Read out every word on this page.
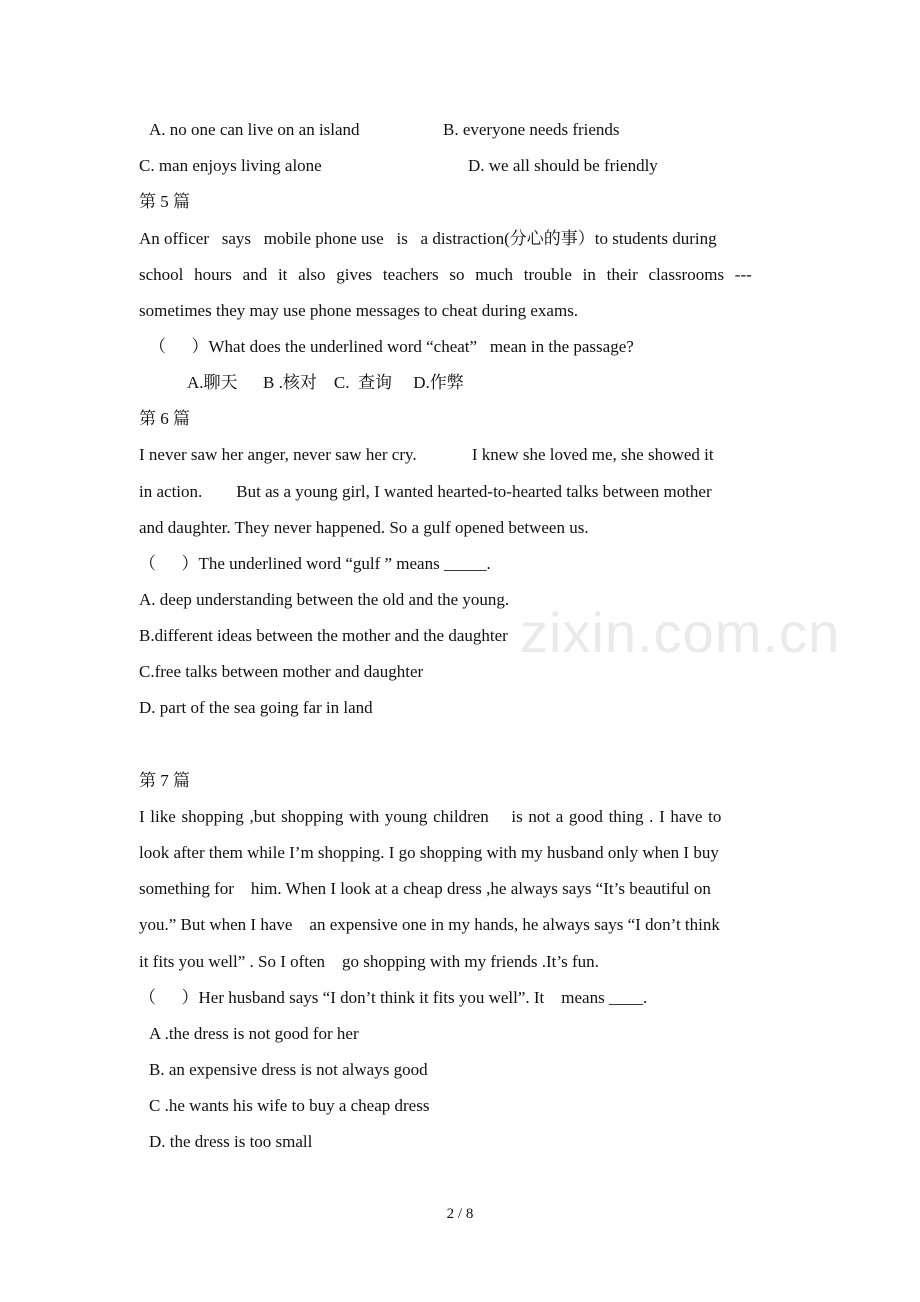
A. no one can live on an island	B. everyone needs friends
C. man enjoys living alone	D. we all should be friendly
第 5 篇
An officer   says   mobile phone use   is   a distraction(分心的事）to students during
school hours and it also gives teachers so much trouble in their classrooms ---
sometimes they may use phone messages to cheat during exams.
（      ）What does the underlined word “cheat”   mean in the passage?
A.聊天      B .核对    C.  查询     D.作弊
第 6 篇
I never saw her anger, never saw her cry.             I knew she loved me, she showed it
in action.        But as a young girl, I wanted hearted-to-hearted talks between mother
and daughter. They never happened. So a gulf opened between us.
（      ）The underlined word “gulf ” means _____.
A. deep understanding between the old and the young.
B.different ideas between the mother and the daughter
C.free talks between mother and daughter
D. part of the sea going far in land
第 7 篇
I like shopping ,but shopping with young children    is not a good thing . I have to
look after them while I’m shopping. I go shopping with my husband only when I buy
something for    him. When I look at a cheap dress ,he always says “It’s beautiful on
you.” But when I have    an expensive one in my hands, he always says “I don’t think
it fits you well” . So I often    go shopping with my friends .It’s fun.
（      ）Her husband says “I don’t think it fits you well”. It    means ____.
A .the dress is not good for her
B. an expensive dress is not always good
C .he wants his wife to buy a cheap dress
D. the dress is too small
zixin.com.cn
2 / 8
